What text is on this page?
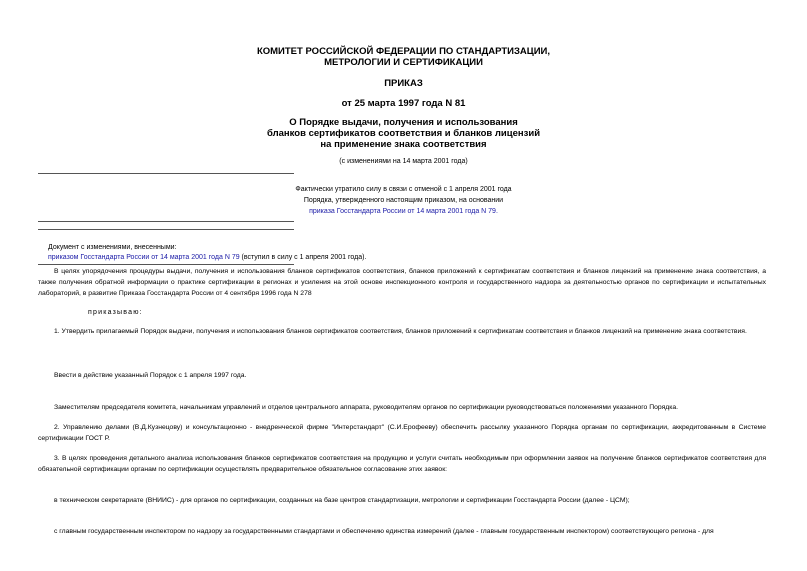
КОМИТЕТ РОССИЙСКОЙ ФЕДЕРАЦИИ ПО СТАНДАРТИЗАЦИИ,
МЕТРОЛОГИИ И СЕРТИФИКАЦИИ
ПРИКАЗ
от 25 марта 1997 года N 81
О Порядке выдачи, получения и использования
бланков сертификатов соответствия и бланков лицензий
на применение знака соответствия
(с изменениями на 14 марта 2001 года)
Фактически утратило силу в связи с отменой с 1 апреля 2001 года
Порядка, утвержденного настоящим приказом, на основании
приказа Госстандарта России от 14 марта 2001 года N 79.
Документ с изменениями, внесенными:
приказом Госстандарта России от 14 марта 2001 года N 79 (вступил в силу с 1 апреля 2001 года).
В целях упорядочения процедуры выдачи, получения и использования бланков сертификатов соответствия, бланков приложений к сертификатам соответствия и бланков лицензий на применение знака соответствия, а также получения обратной информации о практике сертификации в регионах и усиления на этой основе инспекционного контроля и государственного надзора за деятельностью органов по сертификации и испытательных лабораторий, в развитие Приказа Госстандарта России от 4 сентября 1996 года N 278
приказываю:
1. Утвердить прилагаемый Порядок выдачи, получения и использования бланков сертификатов соответствия, бланков приложений к сертификатам соответствия и бланков лицензий на применение знака соответствия.
Ввести в действие указанный Порядок с 1 апреля 1997 года.
Заместителям председателя комитета, начальникам управлений и отделов центрального аппарата, руководителям органов по сертификации руководствоваться положениями указанного Порядка.
2. Управлению делами (В.Д.Кузнецову) и консультационно - внедренческой фирме "Интерстандарт" (С.И.Ерофееву) обеспечить рассылку указанного Порядка органам по сертификации, аккредитованным в Системе сертификации ГОСТ Р.
3. В целях проведения детального анализа использования бланков сертификатов соответствия на продукцию и услуги считать необходимым при оформлении заявок на получение бланков сертификатов соответствия для обязательной сертификации органам по сертификации осуществлять предварительное обязательное согласование этих заявок:
в техническом секретариате (ВНИИС) - для органов по сертификации, созданных на базе центров стандартизации, метрологии и сертификации Госстандарта России (далее - ЦСМ);
с главным государственным инспектором по надзору за государственными стандартами и обеспечению единства измерений (далее - главным государственным инспектором) соответствующего региона - для
